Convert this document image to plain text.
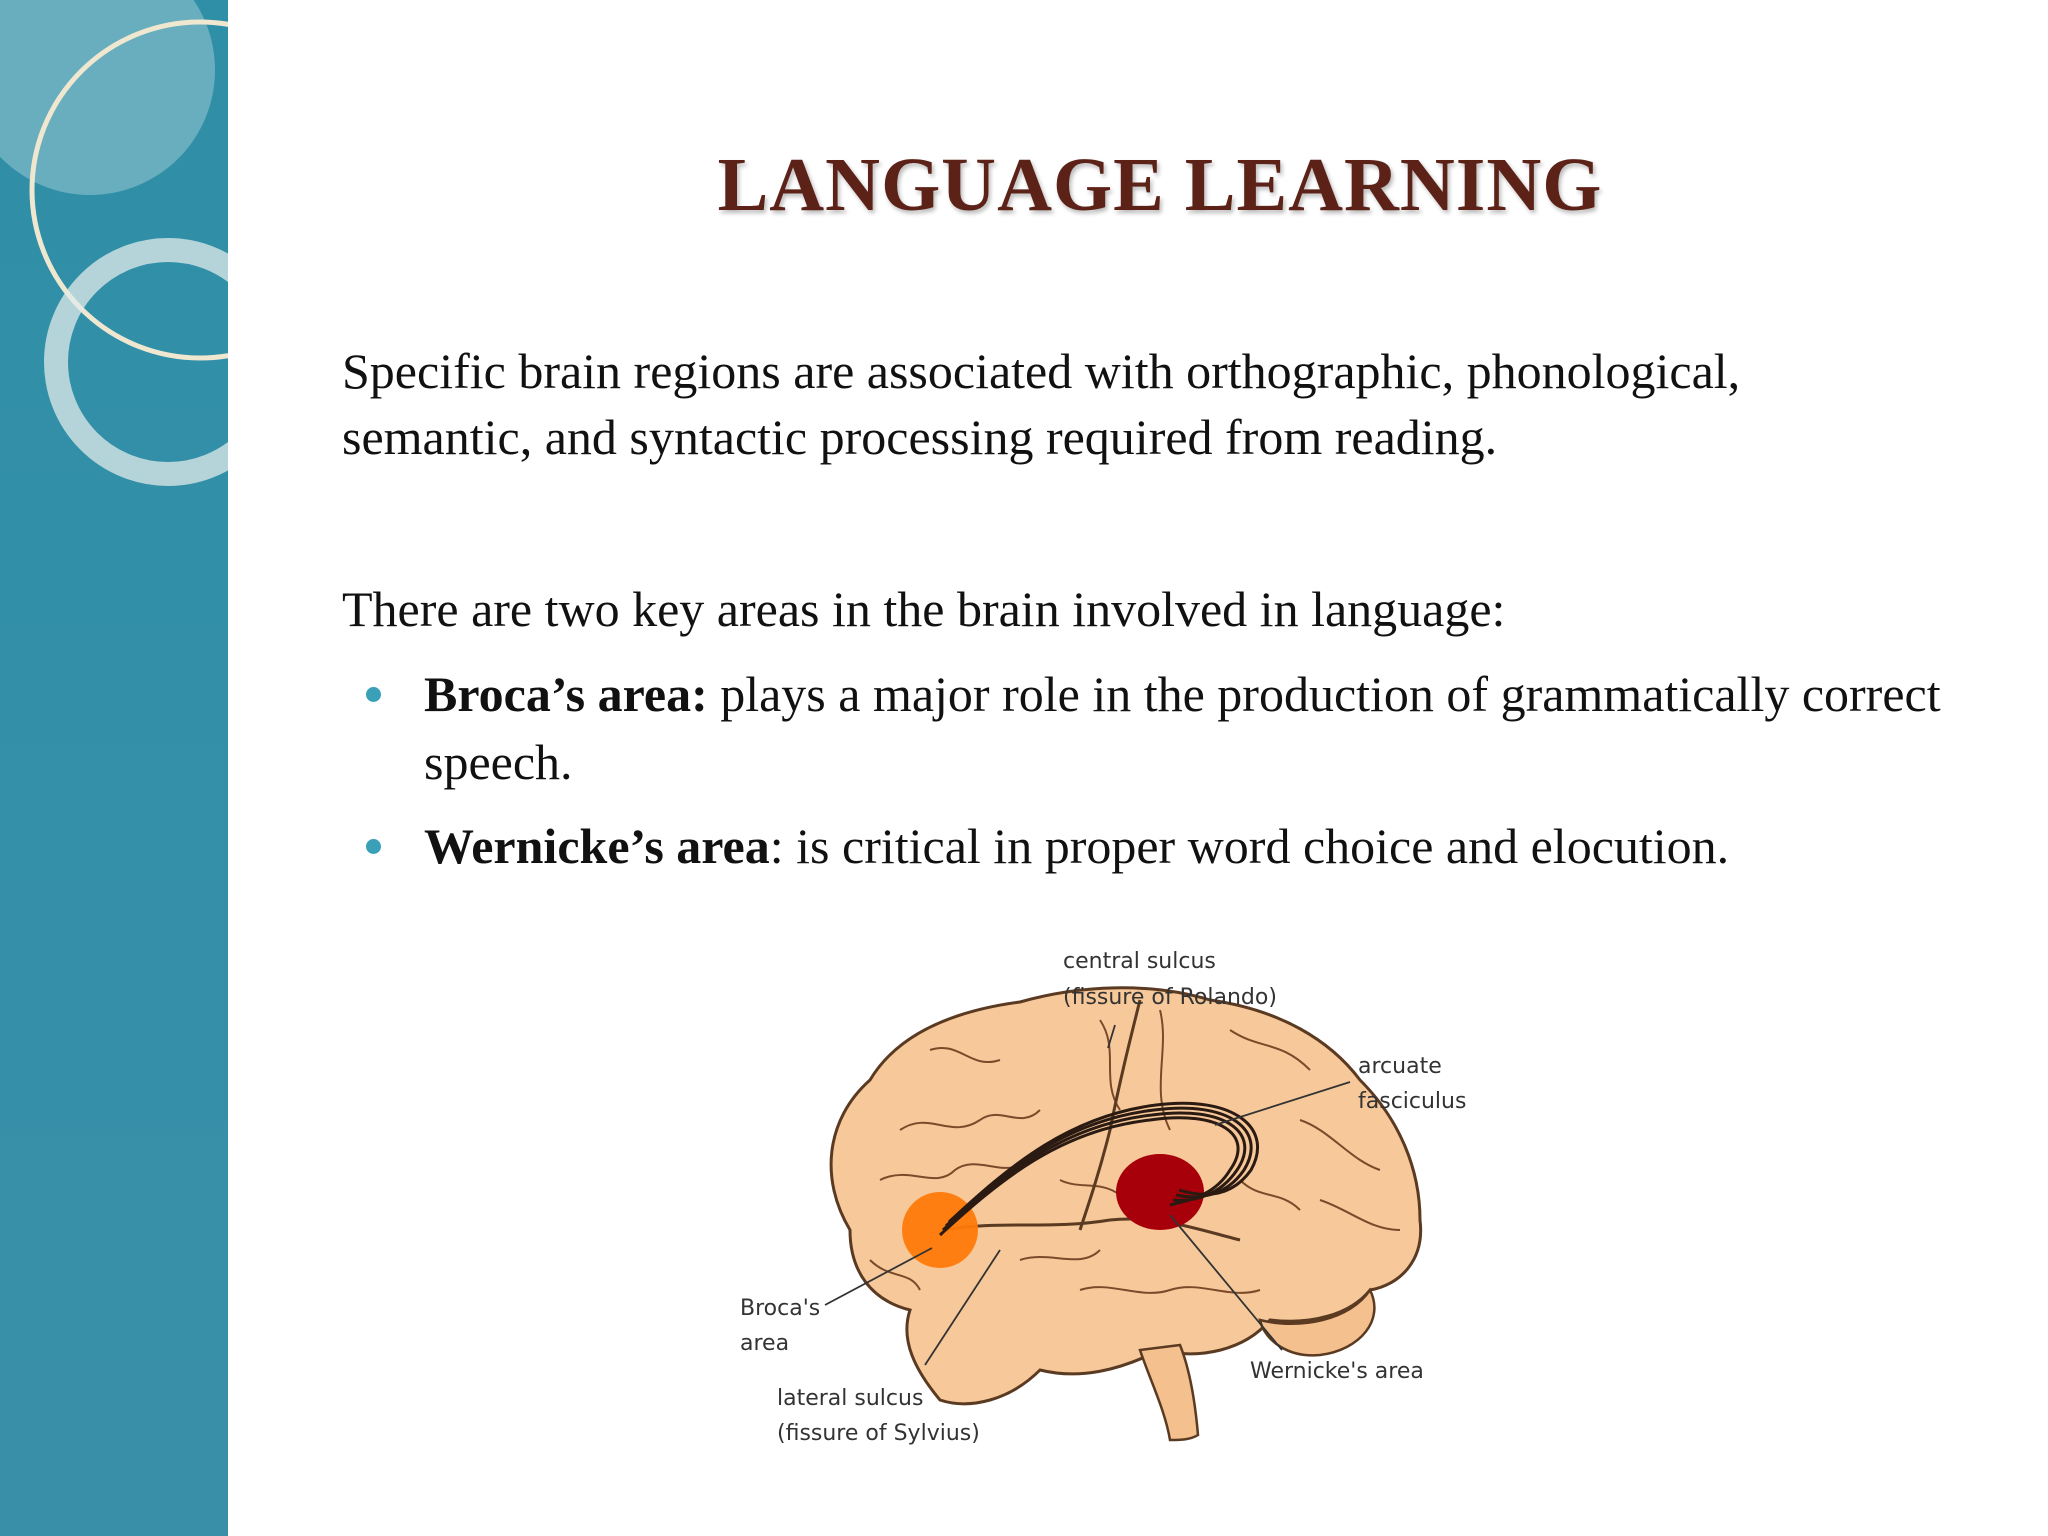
LANGUAGE LEARNING

Specific brain regions are associated with orthographic, phonological, semantic, and syntactic processing required from reading.

There are two key areas in the brain involved in language:

Broca’s area: plays a major role in the production of grammatically correct speech.
Wernicke’s area: is critical in proper word choice and elocution.
central sulcus
(fissure of Rolando)
arcuate
fasciculus
Broca's
area
lateral sulcus
(fissure of Sylvius)
Wernicke's area
